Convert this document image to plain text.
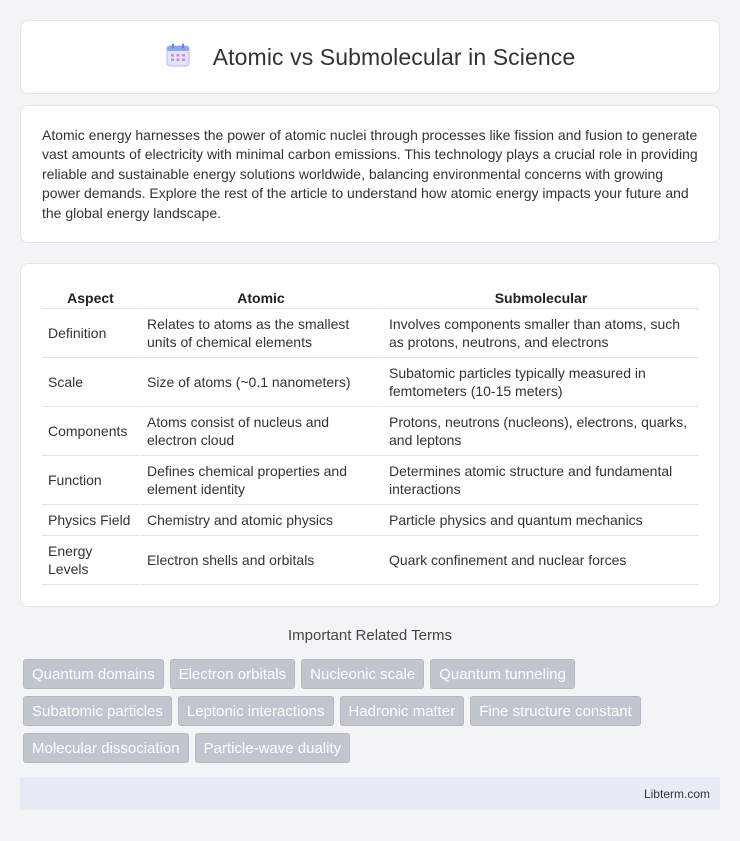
Atomic vs Submolecular in Science

Atomic energy harnesses the power of atomic nuclei through processes like fission and fusion to generate vast amounts of electricity with minimal carbon emissions. This technology plays a crucial role in providing reliable and sustainable energy solutions worldwide, balancing environmental concerns with growing power demands. Explore the rest of the article to understand how atomic energy impacts your future and the global energy landscape.

Aspect	Atomic	Submolecular
Definition	Relates to atoms as the smallest units of chemical elements	Involves components smaller than atoms, such as protons, neutrons, and electrons
Scale	Size of atoms (~0.1 nanometers)	Subatomic particles typically measured in femtometers (10-15 meters)
Components	Atoms consist of nucleus and electron cloud	Protons, neutrons (nucleons), electrons, quarks, and leptons
Function	Defines chemical properties and element identity	Determines atomic structure and fundamental interactions
Physics Field	Chemistry and atomic physics	Particle physics and quantum mechanics
Energy Levels	Electron shells and orbitals	Quark confinement and nuclear forces
Important Related Terms
Quantum domains	Electron orbitals	Nucleonic scale	Quantum tunneling
Subatomic particles	Leptonic interactions	Hadronic matter	Fine structure constant
Molecular dissociation	Particle-wave duality
Libterm.com
